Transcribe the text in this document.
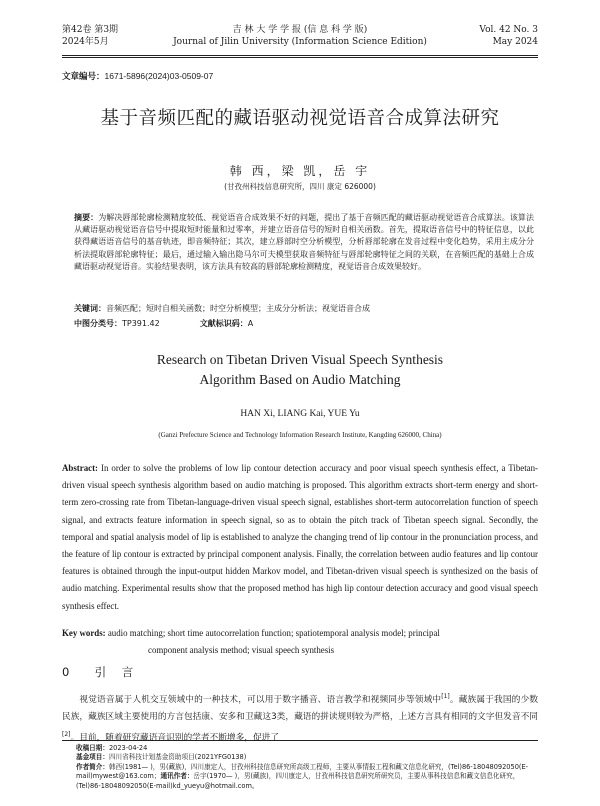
第42卷 第3期
2024年5月
吉 林 大 学 学 报 (信 息 科 学 版)
Journal of Jilin University (Information Science Edition)
Vol. 42 No. 3
May 2024
文章编号：1671-5896(2024)03-0509-07
基于音频匹配的藏语驱动视觉语音合成算法研究
韩 西，梁 凯，岳 宇
(甘孜州科技信息研究所，四川 康定 626000)
摘要：为解决唇部轮廓检测精度较低、视觉语音合成效果不好的问题，提出了基于音频匹配的藏语驱动视觉语音合成算法。该算法从藏语驱动视觉语音信号中提取短时能量和过零率，并建立语音信号的短时自相关函数。首先，提取语音信号中的特征信息，以此获得藏语语音信号的基音轨迹，即音频特征；其次，建立唇部时空分析模型，分析唇部轮廓在发音过程中变化趋势，采用主成分分析法提取唇部轮廓特征；最后，通过输入输出隐马尔可夫模型获取音频特征与唇部轮廓特征之间的关联，在音频匹配的基础上合成藏语驱动视觉语音。实验结果表明，该方法具有较高的唇部轮廓检测精度，视觉语音合成效果较好。
关键词：音频匹配；短时自相关函数；时空分析模型；主成分分析法；视觉语音合成
中图分类号：TP391.42	文献标识码：A
Research on Tibetan Driven Visual Speech Synthesis
Algorithm Based on Audio Matching
HAN Xi, LIANG Kai, YUE Yu
(Ganzi Prefecture Science and Technology Information Research Institute, Kangding 626000, China)
Abstract: In order to solve the problems of low lip contour detection accuracy and poor visual speech synthesis effect, a Tibetan-driven visual speech synthesis algorithm based on audio matching is proposed. This algorithm extracts short-term energy and short-term zero-crossing rate from Tibetan-language-driven visual speech signal, establishes short-term autocorrelation function of speech signal, and extracts feature information in speech signal, so as to obtain the pitch track of Tibetan speech signal. Secondly, the temporal and spatial analysis model of lip is established to analyze the changing trend of lip contour in the pronunciation process, and the feature of lip contour is extracted by principal component analysis. Finally, the correlation between audio features and lip contour features is obtained through the input-output hidden Markov model, and Tibetan-driven visual speech is synthesized on the basis of audio matching. Experimental results show that the proposed method has high lip contour detection accuracy and good visual speech synthesis effect.
Key words: audio matching; short time autocorrelation function; spatiotemporal analysis model; principal
component analysis method; visual speech synthesis
0 引 言
视觉语音属于人机交互领域中的一种技术，可以用于数字播音、语言教学和视频同步等领域中[1]。藏族属于我国的少数民族，藏族区域主要使用的方言包括康、安多和卫藏这3类，藏语的拼读规则较为严格，上述方言具有相同的文字但发音不同[2]。目前，随着研究藏语音识别的学者不断增多，促进了
收稿日期：2023-04-24
基金项目：四川省科技计划基金资助项目(2021YFG0138)
作者简介：韩西(1981— )，男(藏族)，四川康定人，甘孜州科技信息研究所高级工程师，主要从事情报工程和藏文信息化研究，(Tel)86-18048092050(E-mail)mywest@163.com；通讯作者：岳宇(1970— )，男(藏族)，四川康定人，甘孜州科技信息研究所研究员，主要从事科技信息和藏文信息化研究，(Tel)86-18048092050(E-mail)kd_yueyu@hotmail.com。
